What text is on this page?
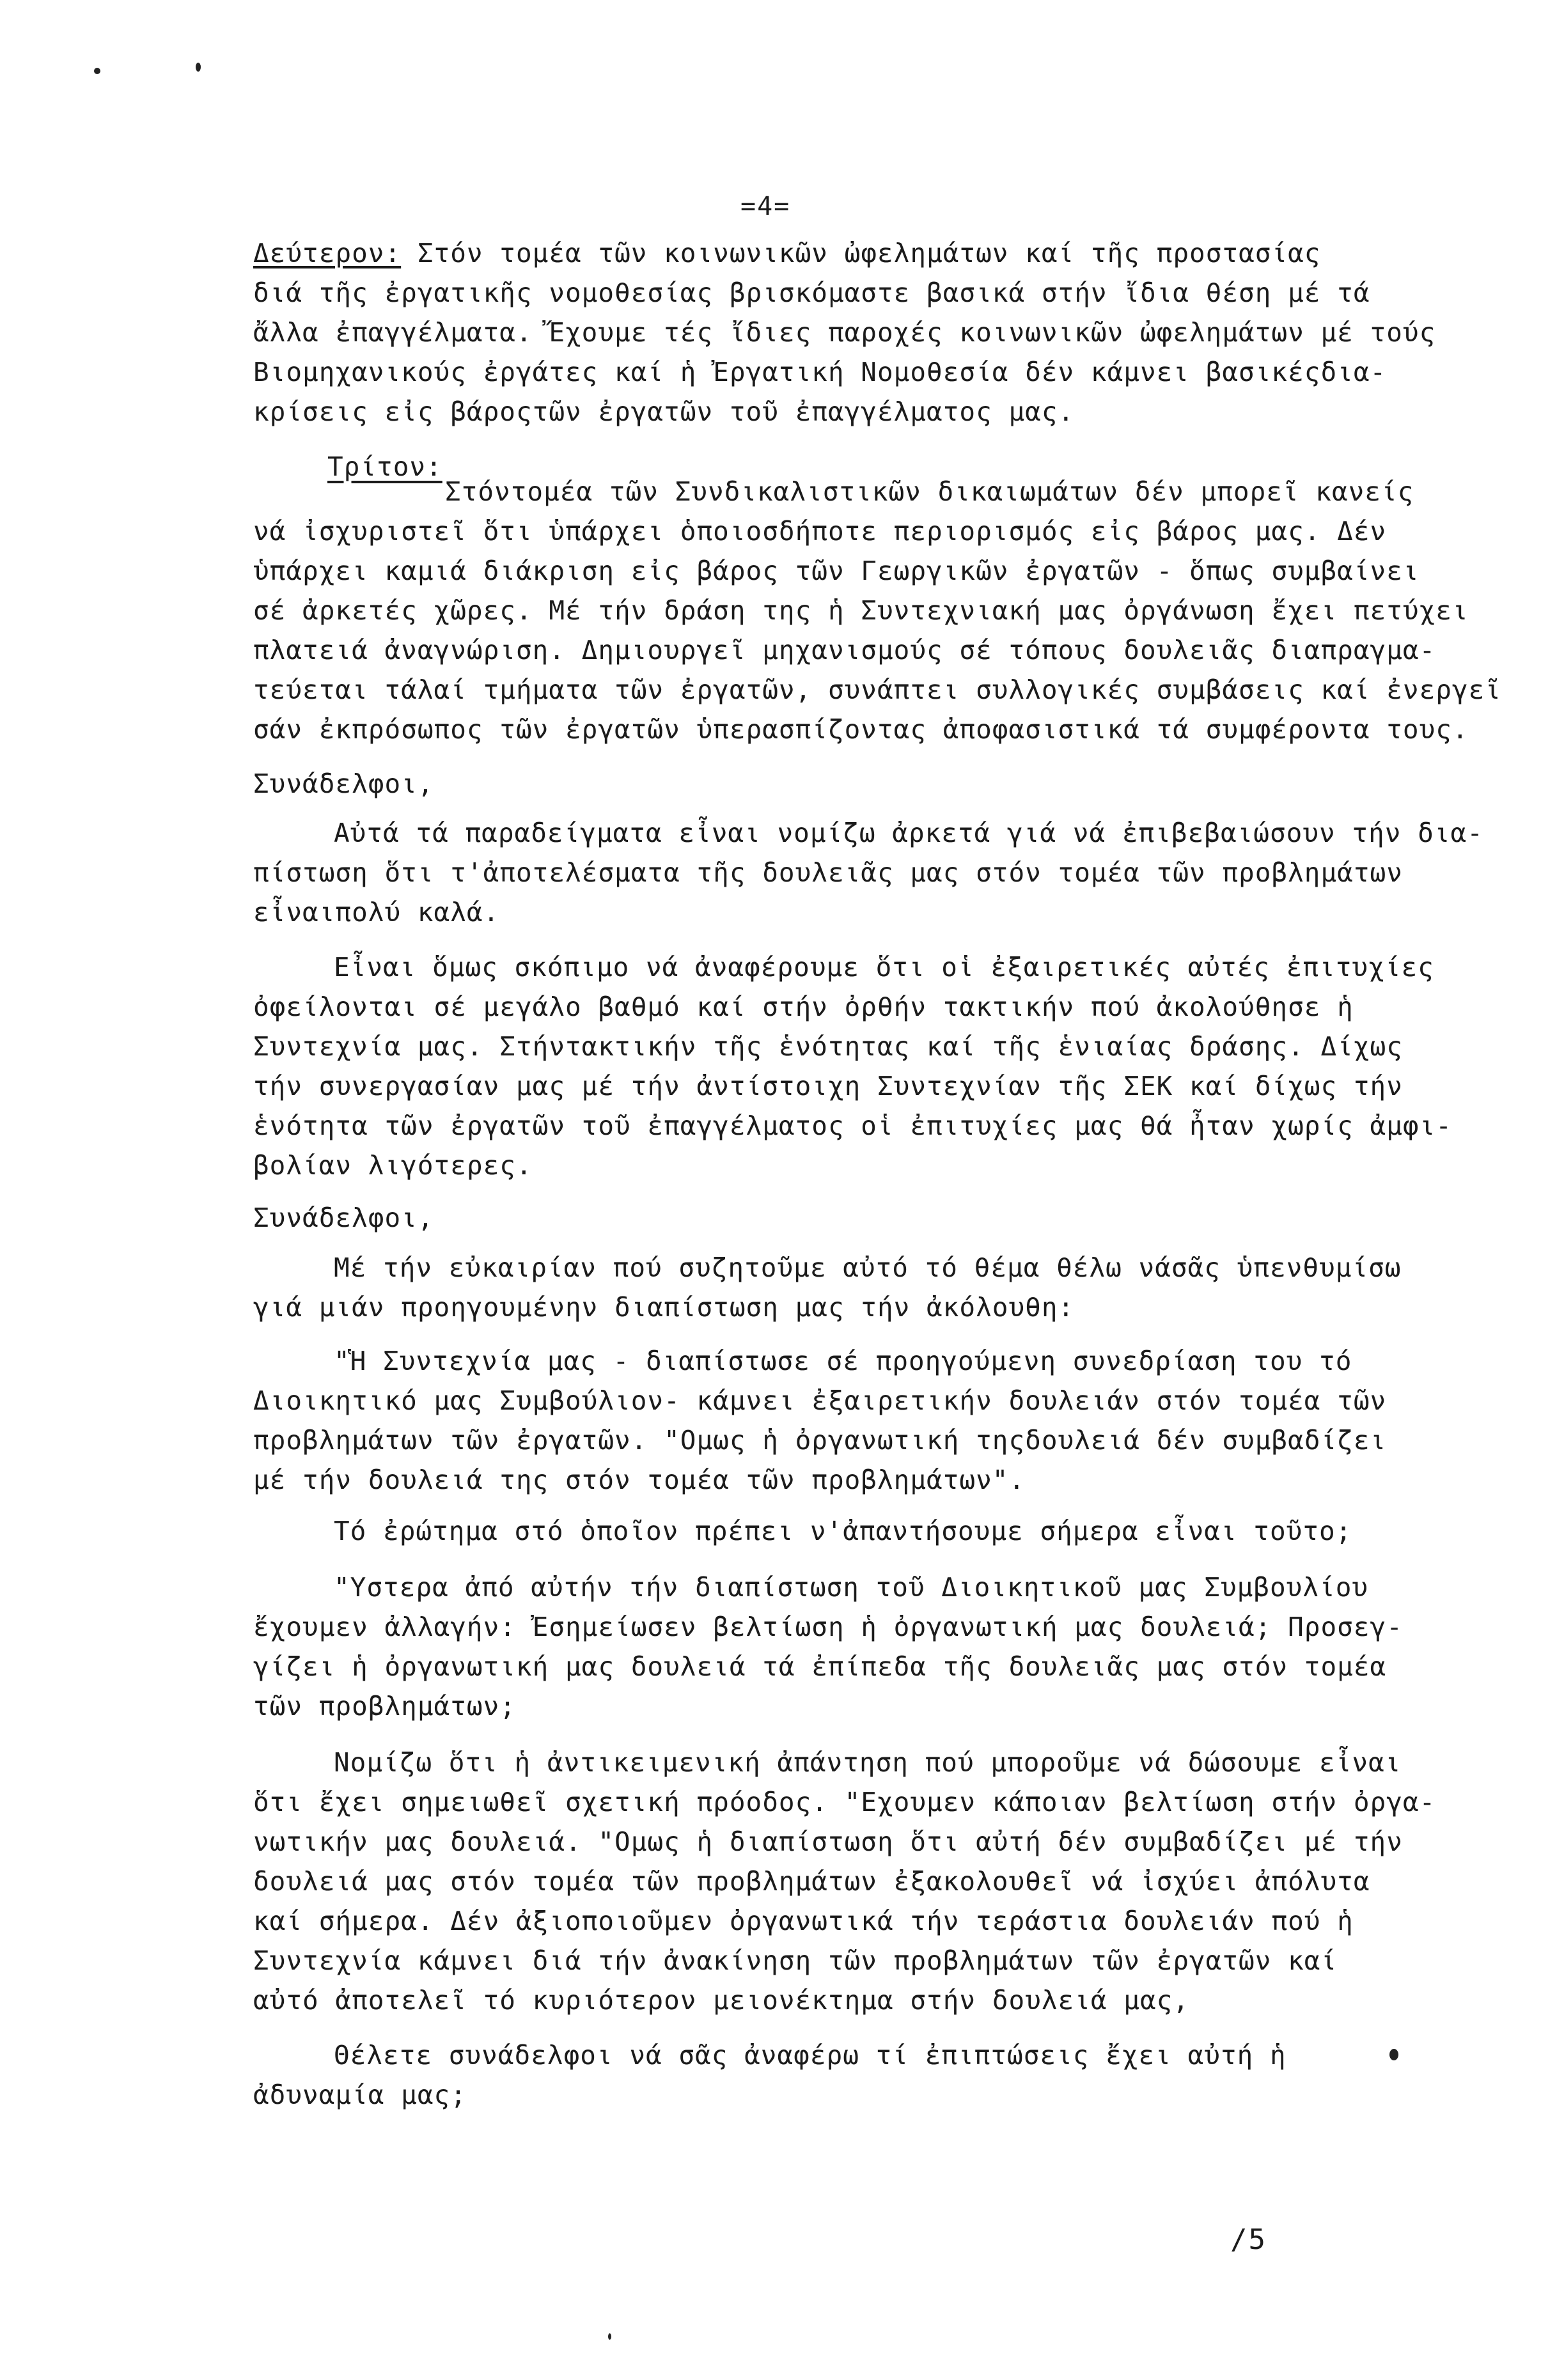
=4=
Δεύτερον: Στόν τομέα τῶν κοινωνικῶν ὠφελημάτων καί τῆς προστασίας
διά τῆς ἐργατικῆς νομοθεσίας βρισκόμαστε βασικά στήν ἴδια θέση μέ τά
ἄλλα ἐπαγγέλματα. Ἔχουμε τές ἴδιες παροχές κοινωνικῶν ὠφελημάτων μέ τούς
Βιομηχανικούς ἐργάτες καί ἡ Ἐργατική Νομοθεσία δέν κάμνει βασικέςδια-
κρίσεις εἰς βάροςτῶν ἐργατῶν τοῦ ἐπαγγέλματος μας.
Τρίτον:
Στόντομέα τῶν Συνδικαλιστικῶν δικαιωμάτων δέν μπορεῖ κανείς
νά ἰσχυριστεῖ ὅτι ὑπάρχει ὁποιοσδήποτε περιορισμός εἰς βάρος μας. Δέν
ὑπάρχει καμιά διάκριση εἰς βάρος τῶν Γεωργικῶν ἐργατῶν - ὅπως συμβαίνει
σέ ἀρκετές χῶρες. Μέ τήν δράση της ἡ Συντεχνιακή μας ὀργάνωση ἔχει πετύχει
πλατειά ἀναγνώριση. Δημιουργεῖ μηχανισμούς σέ τόπους δουλειᾶς διαπραγμα-
τεύεται τάλαί τμήματα τῶν ἐργατῶν, συνάπτει συλλογικές συμβάσεις καί ἐνεργεῖ
σάν ἐκπρόσωπος τῶν ἐργατῶν ὑπερασπίζοντας ἀποφασιστικά τά συμφέροντα τους.
Συνάδελφοι,
Αὐτά τά παραδείγματα εἶναι νομίζω ἀρκετά γιά νά ἐπιβεβαιώσουν τήν δια-
πίστωση ὅτι τ'ἀποτελέσματα τῆς δουλειᾶς μας στόν τομέα τῶν προβλημάτων
εἶναιπολύ καλά.
Εἶναι ὅμως σκόπιμο νά ἀναφέρουμε ὅτι οἱ ἐξαιρετικές αὐτές ἐπιτυχίες
ὀφείλονται σέ μεγάλο βαθμό καί στήν ὀρθήν τακτικήν πού ἀκολούθησε ἡ
Συντεχνία μας. Στήντακτικήν τῆς ἑνότητας καί τῆς ἑνιαίας δράσης. Δίχως
τήν συνεργασίαν μας μέ τήν ἀντίστοιχη Συντεχνίαν τῆς ΣΕΚ καί δίχως τήν
ἑνότητα τῶν ἐργατῶν τοῦ ἐπαγγέλματος οἱ ἐπιτυχίες μας θά ἦταν χωρίς ἀμφι-
βολίαν λιγότερες.
Συνάδελφοι,
Μέ τήν εὐκαιρίαν πού συζητοῦμε αὐτό τό θέμα θέλω νάσᾶς ὑπενθυμίσω
γιά μιάν προηγουμένην διαπίστωση μας τήν ἀκόλουθη:
"Ἡ Συντεχνία μας - διαπίστωσε σέ προηγούμενη συνεδρίαση του τό
Διοικητικό μας Συμβούλιον- κάμνει ἐξαιρετικήν δουλειάν στόν τομέα τῶν
προβλημάτων τῶν ἐργατῶν. "Ομως ἡ ὀργανωτική τηςδουλειά δέν συμβαδίζει
μέ τήν δουλειά της στόν τομέα τῶν προβλημάτων".
Τό ἐρώτημα στό ὁποῖον πρέπει ν'ἀπαντήσουμε σήμερα εἶναι τοῦτο;
"Υστερα ἀπό αὐτήν τήν διαπίστωση τοῦ Διοικητικοῦ μας Συμβουλίου
ἔχουμεν ἀλλαγήν: Ἐσημείωσεν βελτίωση ἡ ὀργανωτική μας δουλειά; Προσεγ-
γίζει ἡ ὀργανωτική μας δουλειά τά ἐπίπεδα τῆς δουλειᾶς μας στόν τομέα
τῶν προβλημάτων;
Νομίζω ὅτι ἡ ἀντικειμενική ἀπάντηση πού μποροῦμε νά δώσουμε εἶναι
ὅτι ἔχει σημειωθεῖ σχετική πρόοδος. "Εχουμεν κάποιαν βελτίωση στήν ὀργα-
νωτικήν μας δουλειά. "Ομως ἡ διαπίστωση ὅτι αὐτή δέν συμβαδίζει μέ τήν
δουλειά μας στόν τομέα τῶν προβλημάτων ἐξακολουθεῖ νά ἰσχύει ἀπόλυτα
καί σήμερα. Δέν ἀξιοποιοῦμεν ὀργανωτικά τήν τεράστια δουλειάν πού ἡ
Συντεχνία κάμνει διά τήν ἀνακίνηση τῶν προβλημάτων τῶν ἐργατῶν καί
αὐτό ἀποτελεῖ τό κυριότερον μειονέκτημα στήν δουλειά μας,
Θέλετε συνάδελφοι νά σᾶς ἀναφέρω τί ἐπιπτώσεις ἔχει αὐτή ἡ
ἀδυναμία μας;
/5
